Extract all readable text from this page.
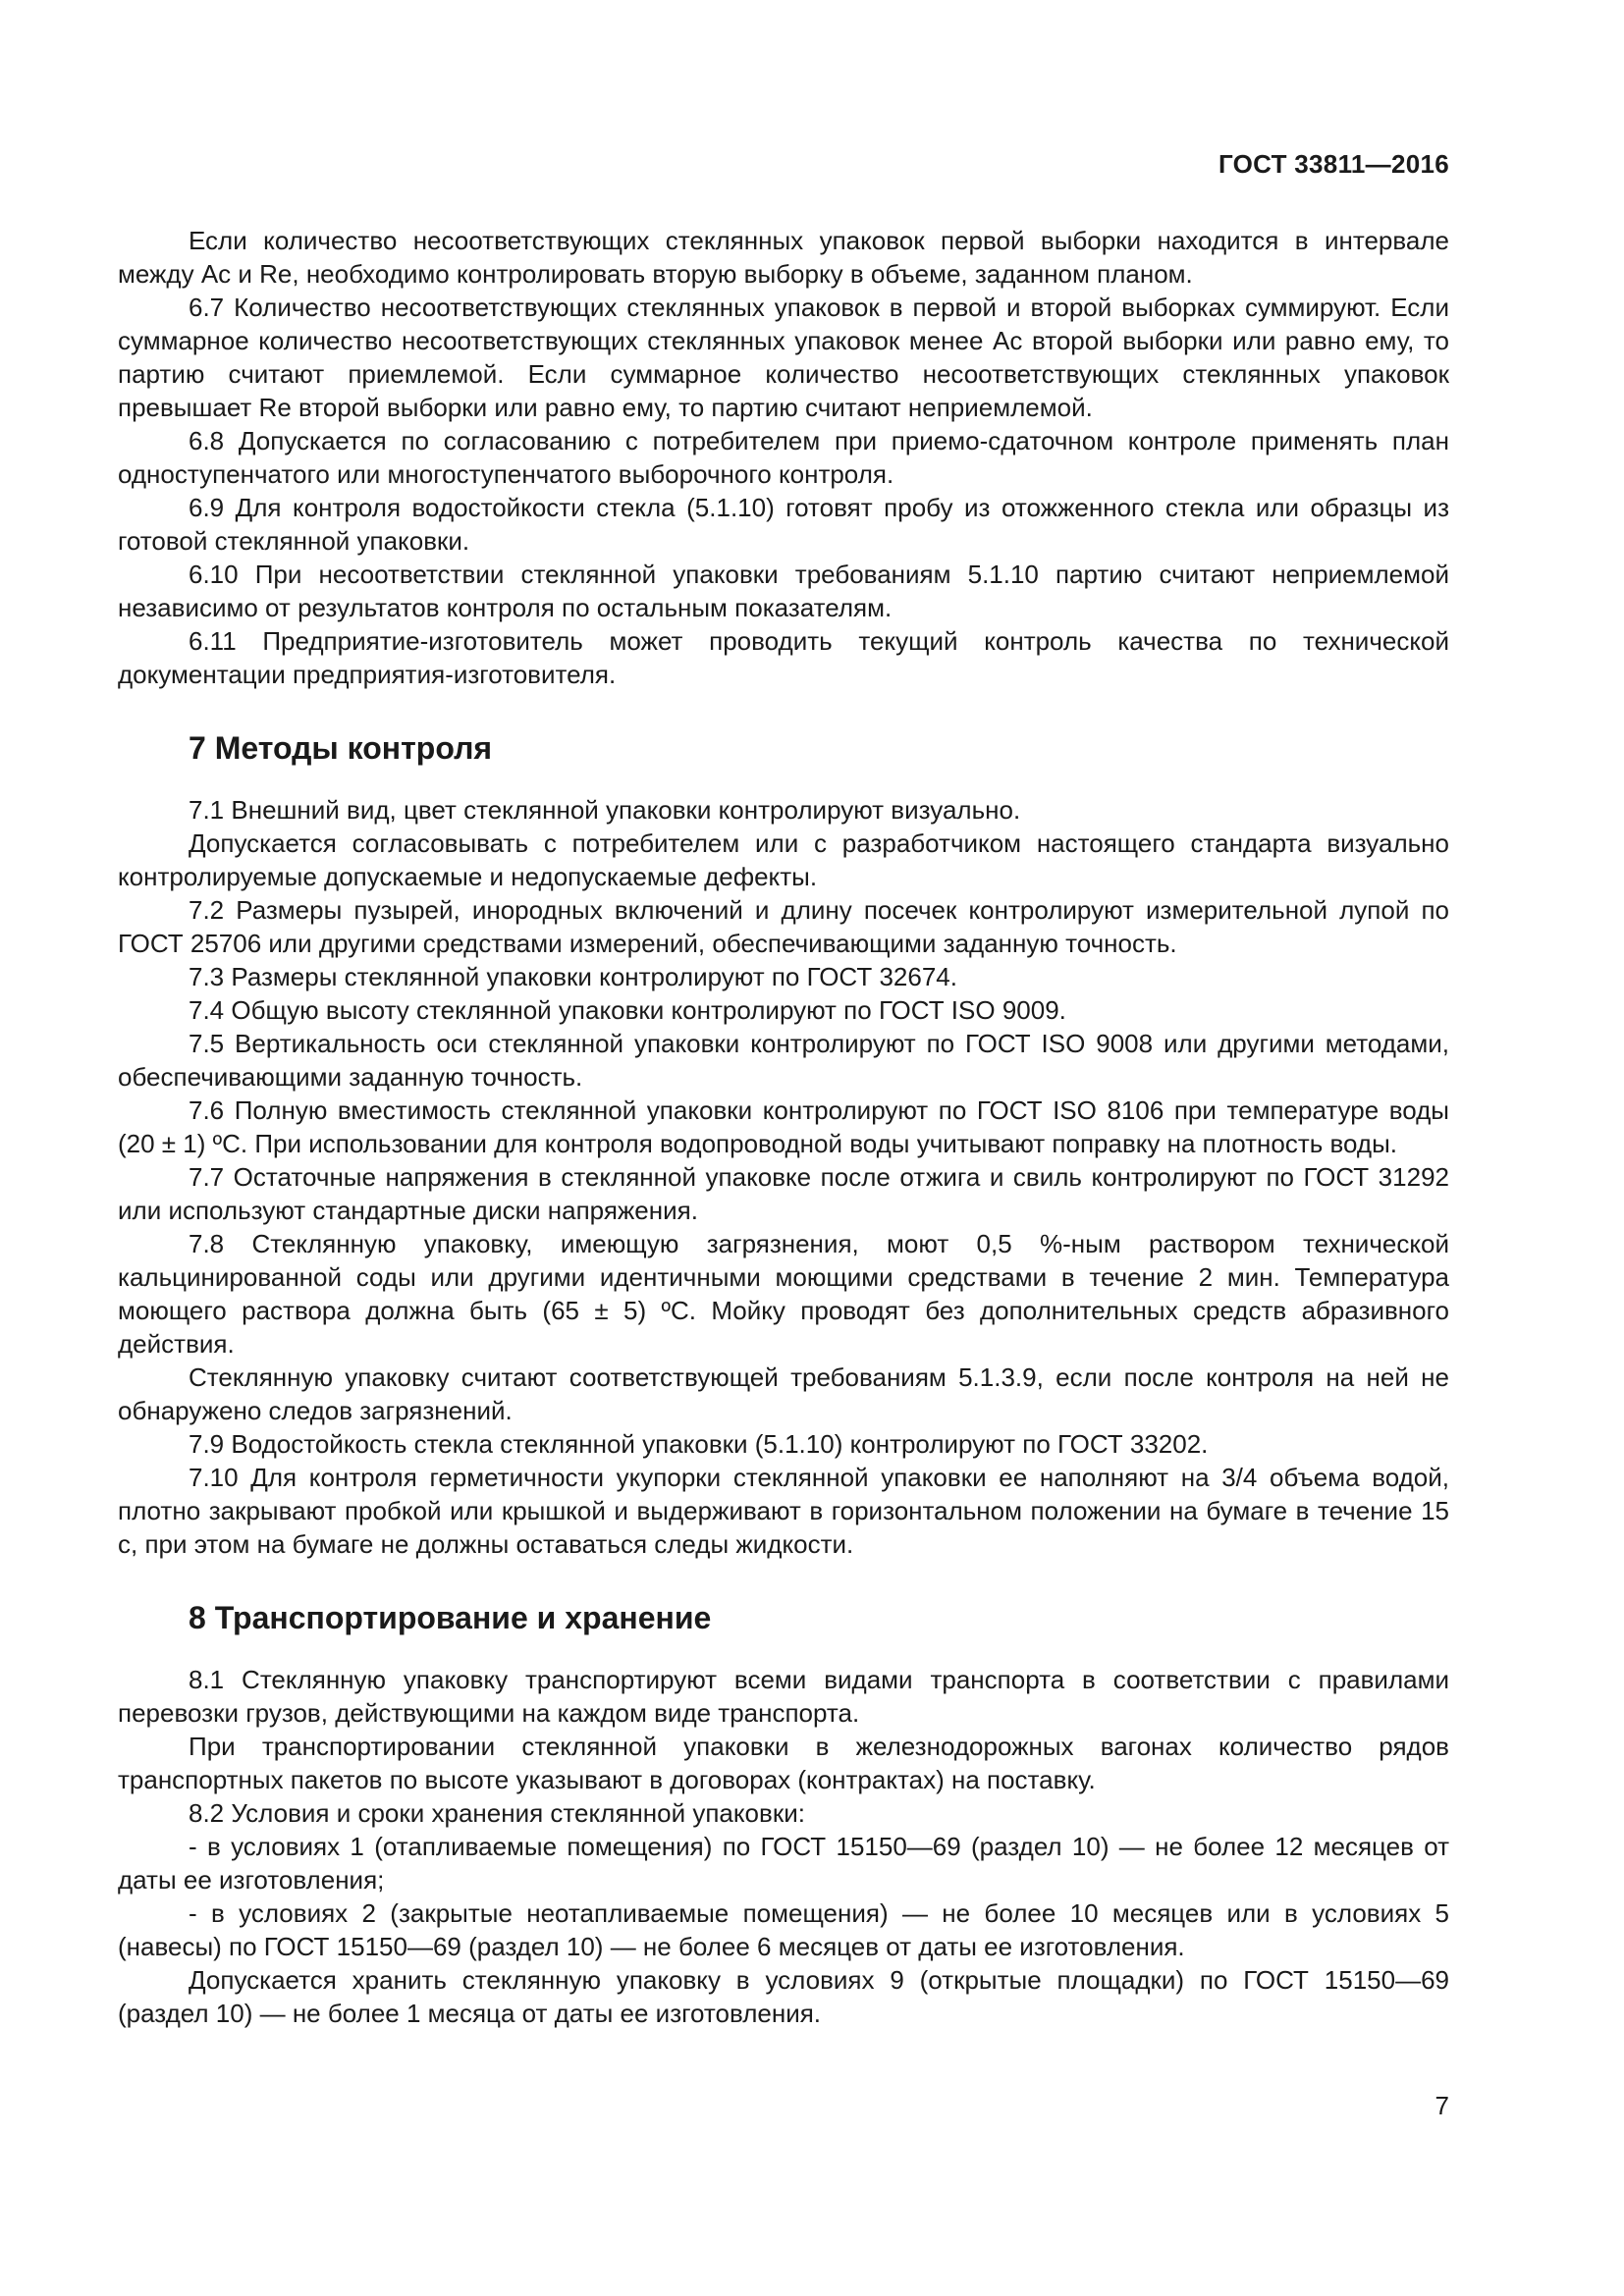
ГОСТ 33811—2016

Если количество несоответствующих стеклянных упаковок первой выборки находится в интервале между Ac и Re, необходимо контролировать вторую выборку в объеме, заданном планом.

6.7 Количество несоответствующих стеклянных упаковок в первой и второй выборках суммируют. Если суммарное количество несоответствующих стеклянных упаковок менее Ac второй выборки или равно ему, то партию считают приемлемой. Если суммарное количество несоответствующих стеклянных упаковок превышает Re второй выборки или равно ему, то партию считают неприемлемой.

6.8 Допускается по согласованию с потребителем при приемо-сдаточном контроле применять план одноступенчатого или многоступенчатого выборочного контроля.

6.9 Для контроля водостойкости стекла (5.1.10) готовят пробу из отожженного стекла или образцы из готовой стеклянной упаковки.

6.10 При несоответствии стеклянной упаковки требованиям 5.1.10 партию считают неприемлемой независимо от результатов контроля по остальным показателям.

6.11 Предприятие-изготовитель может проводить текущий контроль качества по технической документации предприятия-изготовителя.

7 Методы контроля

7.1 Внешний вид, цвет стеклянной упаковки контролируют визуально.

Допускается согласовывать с потребителем или с разработчиком настоящего стандарта визуально контролируемые допускаемые и недопускаемые дефекты.

7.2 Размеры пузырей, инородных включений и длину посечек контролируют измерительной лупой по ГОСТ 25706 или другими средствами измерений, обеспечивающими заданную точность.

7.3 Размеры стеклянной упаковки контролируют по ГОСТ 32674.

7.4 Общую высоту стеклянной упаковки контролируют по ГОСТ ISO 9009.

7.5 Вертикальность оси стеклянной упаковки контролируют по ГОСТ ISO 9008 или другими методами, обеспечивающими заданную точность.

7.6 Полную вместимость стеклянной упаковки контролируют по ГОСТ ISO 8106 при температуре воды (20 ± 1) ºС. При использовании для контроля водопроводной воды учитывают поправку на плотность воды.

7.7 Остаточные напряжения в стеклянной упаковке после отжига и свиль контролируют по ГОСТ 31292 или используют стандартные диски напряжения.

7.8 Стеклянную упаковку, имеющую загрязнения, моют 0,5 %-ным раствором технической кальцинированной соды или другими идентичными моющими средствами в течение 2 мин. Температура моющего раствора должна быть (65 ± 5) ºС. Мойку проводят без дополнительных средств абразивного действия.

Стеклянную упаковку считают соответствующей требованиям 5.1.3.9, если после контроля на ней не обнаружено следов загрязнений.

7.9 Водостойкость стекла стеклянной упаковки (5.1.10) контролируют по ГОСТ 33202.

7.10 Для контроля герметичности укупорки стеклянной упаковки ее наполняют на 3/4 объема водой, плотно закрывают пробкой или крышкой и выдерживают в горизонтальном положении на бумаге в течение 15 с, при этом на бумаге не должны оставаться следы жидкости.

8 Транспортирование и хранение

8.1 Стеклянную упаковку транспортируют всеми видами транспорта в соответствии с правилами перевозки грузов, действующими на каждом виде транспорта.

При транспортировании стеклянной упаковки в железнодорожных вагонах количество рядов транспортных пакетов по высоте указывают в договорах (контрактах) на поставку.

8.2 Условия и сроки хранения стеклянной упаковки:

- в условиях 1 (отапливаемые помещения) по ГОСТ 15150—69 (раздел 10) — не более 12 месяцев от даты ее изготовления;

- в условиях 2 (закрытые неотапливаемые помещения) — не более 10 месяцев или в условиях 5 (навесы) по ГОСТ 15150—69 (раздел 10) — не более 6 месяцев от даты ее изготовления.

Допускается хранить стеклянную упаковку в условиях 9 (открытые площадки) по ГОСТ 15150—69 (раздел 10) — не более 1 месяца от даты ее изготовления.

7
